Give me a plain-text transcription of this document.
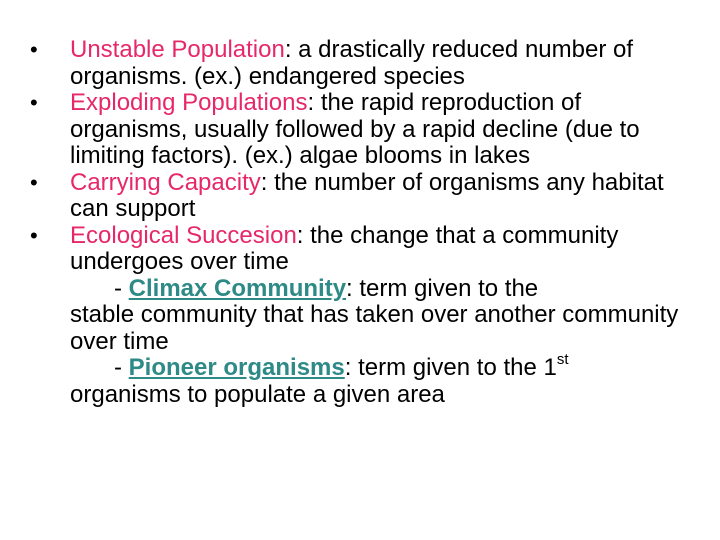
•	Unstable Population: a drastically reduced number of organisms. (ex.) endangered species
•	Exploding Populations: the rapid reproduction of organisms, usually followed by a rapid decline (due to limiting factors). (ex.) algae blooms in lakes
•	Carrying Capacity: the number of organisms any habitat can support
•	Ecological Succesion: the change that a community undergoes over time
- Climax Community: term given to the
stable community that has taken over another community over time
- Pioneer organisms: term given to the 1st
organisms to populate a given area
